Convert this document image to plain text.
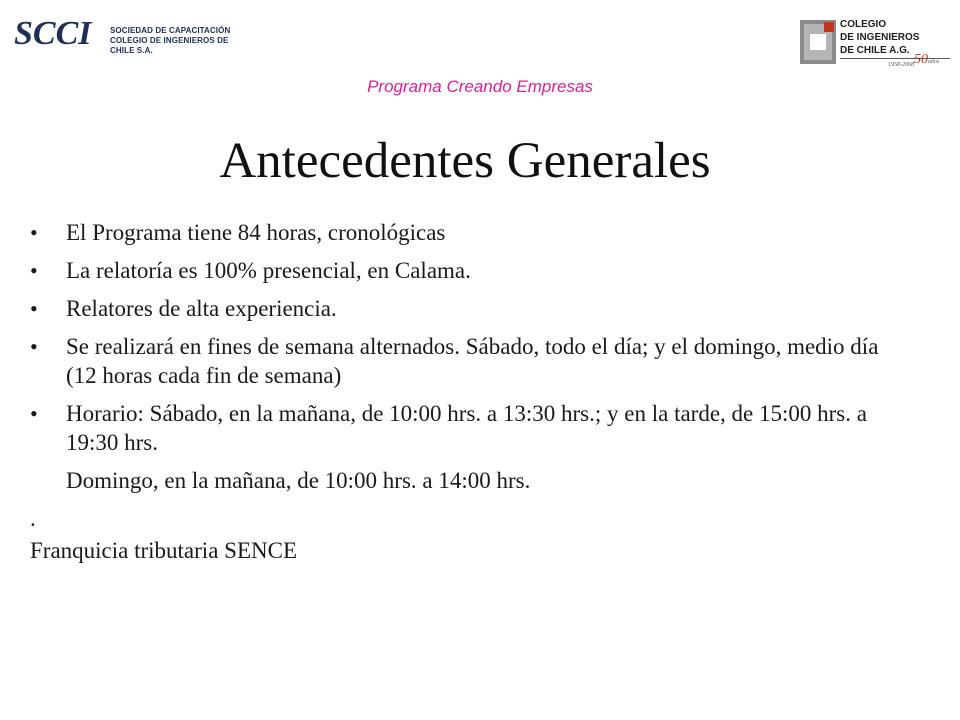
SCCI SOCIEDAD DE CAPACITACIÓN
COLEGIO DE INGENIEROS DE CHILE S.A.
COLEGIO
DE INGENIEROS
DE CHILE A.G.
1958-2008 50años
Programa Creando Empresas
Antecedentes Generales
• El Programa tiene 84 horas, cronológicas
• La relatoría es 100% presencial, en Calama.
• Relatores de alta experiencia.
• Se realizará en fines de semana alternados. Sábado, todo el día; y el domingo, medio día (12 horas cada fin de semana)
• Horario: Sábado, en la mañana, de 10:00 hrs. a 13:30 hrs.; y en la tarde, de 15:00 hrs. a 19:30 hrs.
Domingo, en la mañana, de 10:00 hrs. a 14:00 hrs.
.
Franquicia tributaria SENCE
